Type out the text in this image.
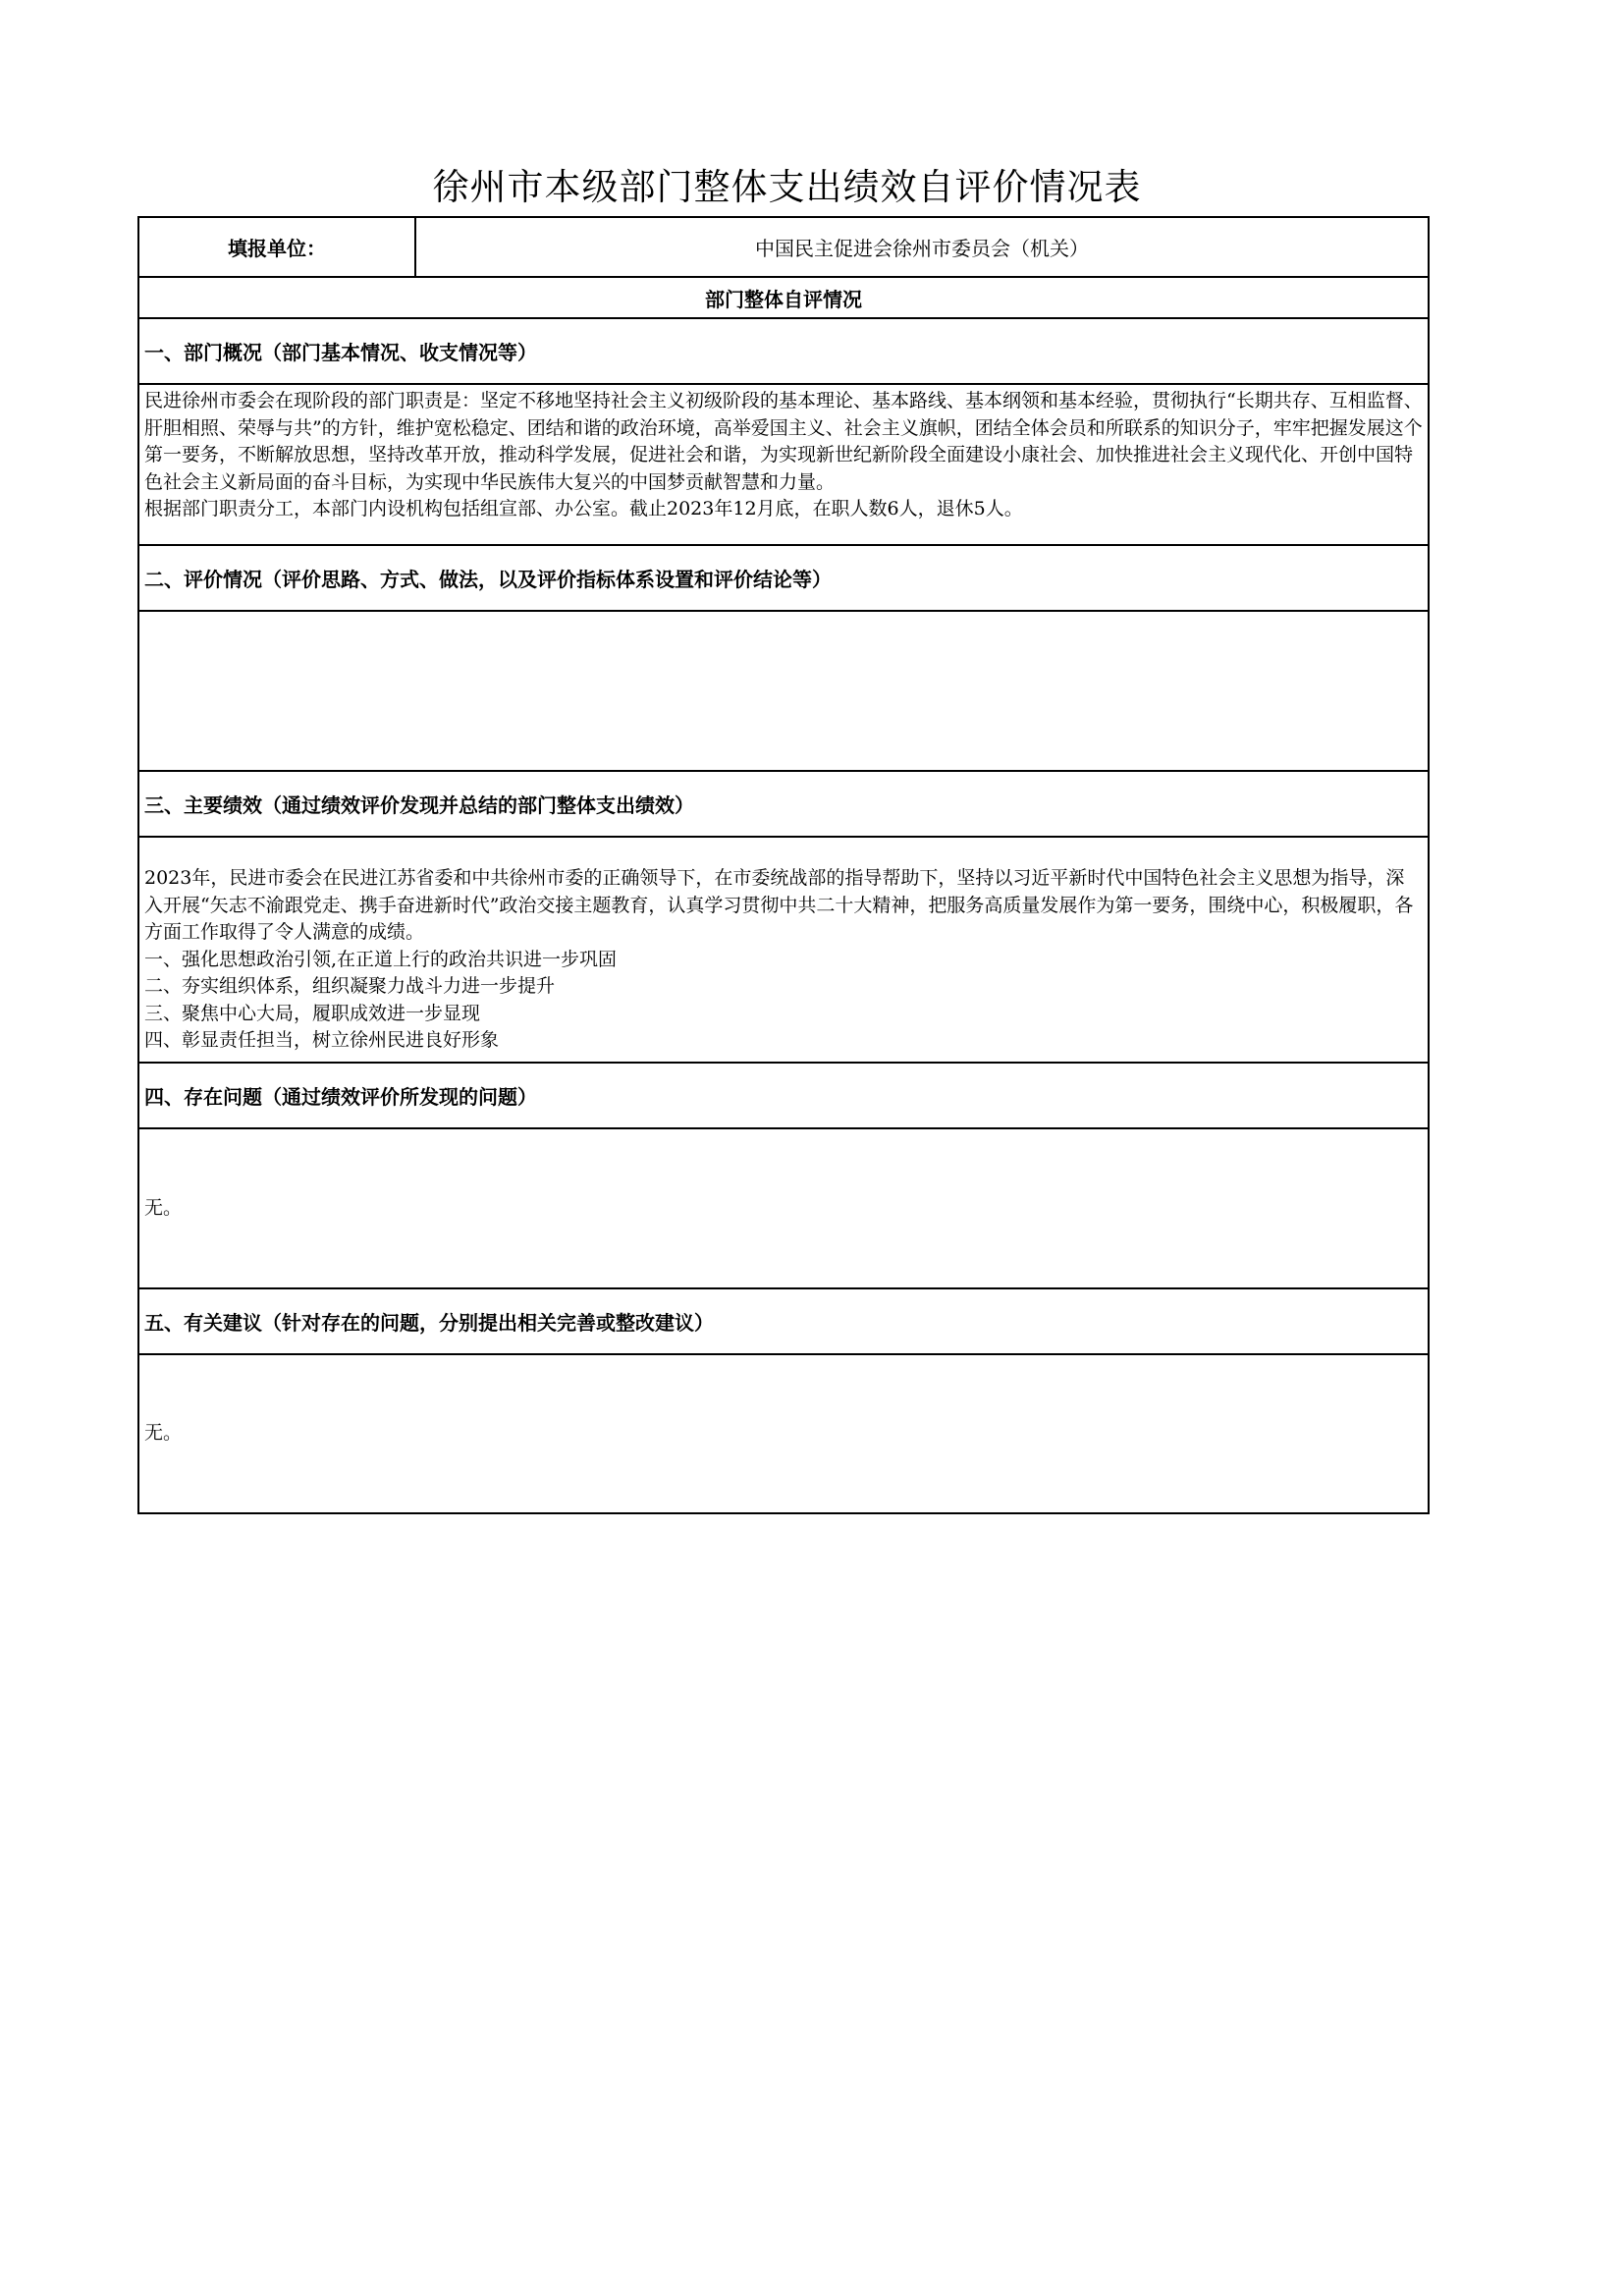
徐州市本级部门整体支出绩效自评价情况表
填报单位：	中国民主促进会徐州市委员会（机关）
部门整体自评情况
一、部门概况（部门基本情况、收支情况等）

民进徐州市委会在现阶段的部门职责是：坚定不移地坚持社会主义初级阶段的基本理论、基本路线、基本纲领和基本经验，贯彻执行“长期共存、互相监督、肝胆相照、荣辱与共”的方针，维护宽松稳定、团结和谐的政治环境，高举爱国主义、社会主义旗帜，团结全体会员和所联系的知识分子，牢牢把握发展这个第一要务，不断解放思想，坚持改革开放，推动科学发展，促进社会和谐，为实现新世纪新阶段全面建设小康社会、加快推进社会主义现代化、开创中国特色社会主义新局面的奋斗目标，为实现中华民族伟大复兴的中国梦贡献智慧和力量。

根据部门职责分工，本部门内设机构包括组宣部、办公室。截止2023年12月底，在职人数6人，退休5人。

二、评价情况（评价思路、方式、做法，以及评价指标体系设置和评价结论等）
三、主要绩效（通过绩效评价发现并总结的部门整体支出绩效）

2023年，民进市委会在民进江苏省委和中共徐州市委的正确领导下，在市委统战部的指导帮助下，坚持以习近平新时代中国特色社会主义思想为指导，深入开展“矢志不渝跟党走、携手奋进新时代”政治交接主题教育，认真学习贯彻中共二十大精神，把服务高质量发展作为第一要务，围绕中心，积极履职，各方面工作取得了令人满意的成绩。

一、强化思想政治引领,在正道上行的政治共识进一步巩固

二、夯实组织体系，组织凝聚力战斗力进一步提升

三、聚焦中心大局，履职成效进一步显现

四、彰显责任担当，树立徐州民进良好形象

四、存在问题（通过绩效评价所发现的问题）

无。

五、有关建议（针对存在的问题，分别提出相关完善或整改建议）

无。
